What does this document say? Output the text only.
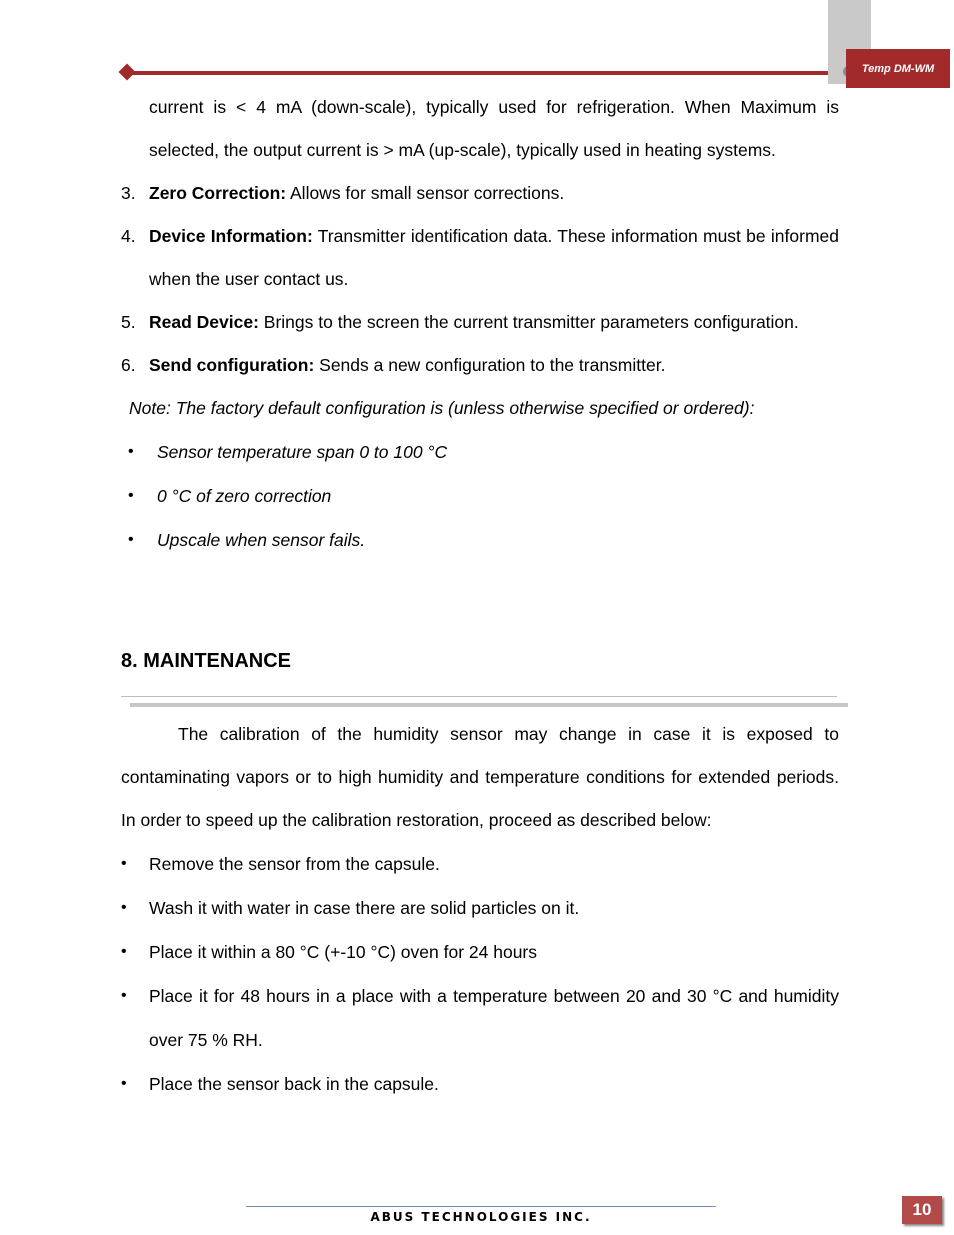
Temp DM-WM

current is < 4 mA (down-scale), typically used for refrigeration. When Maximum is selected, the output current is > mA (up-scale), typically used in heating systems.

3. Zero Correction: Allows for small sensor corrections.

4. Device Information: Transmitter identification data. These information must be informed when the user contact us.

5. Read Device: Brings to the screen the current transmitter parameters configuration.

6. Send configuration: Sends a new configuration to the transmitter.

Note: The factory default configuration is (unless otherwise specified or ordered):

• Sensor temperature span 0 to 100 °C
• 0 °C of zero correction
• Upscale when sensor fails.
8. MAINTENANCE

The calibration of the humidity sensor may change in case it is exposed to contaminating vapors or to high humidity and temperature conditions for extended periods. In order to speed up the calibration restoration, proceed as described below:

• Remove the sensor from the capsule.
• Wash it with water in case there are solid particles on it.
• Place it within a 80 °C (+-10 °C) oven for 24 hours
• Place it for 48 hours in a place with a temperature between 20 and 30 °C and humidity over 75 % RH.
• Place the sensor back in the capsule.
ABUS TECHNOLOGIES INC.	10
